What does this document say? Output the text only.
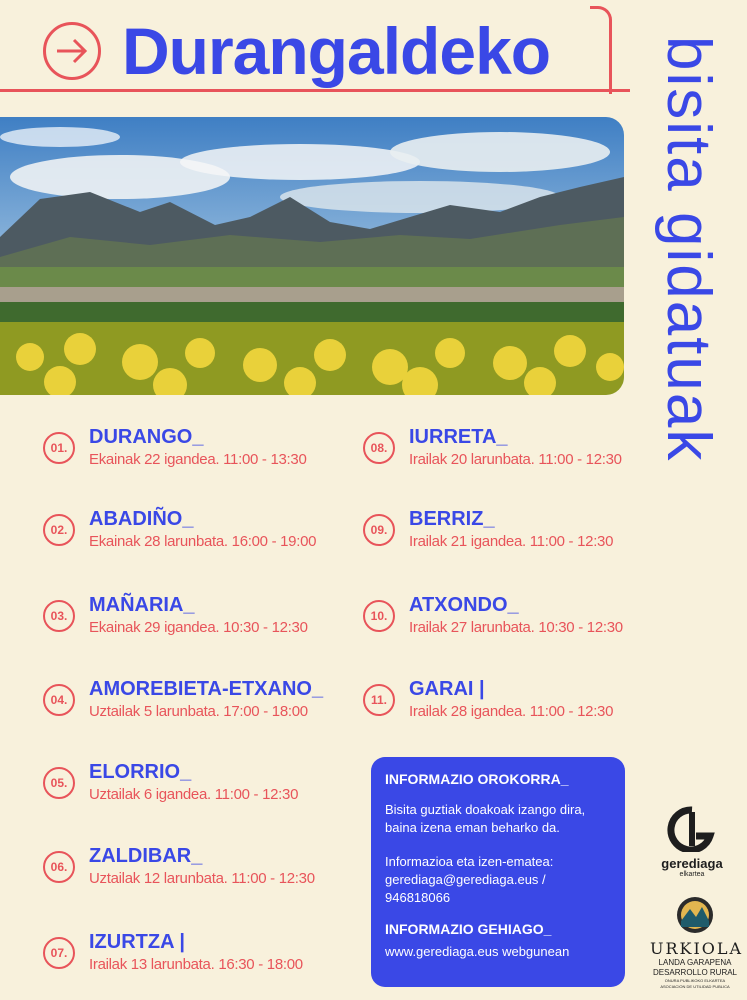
Durangaldeko bisita gidatuak
01.	DURANGO_
Ekainak 22 igandea. 11:00 - 13:30
02.	ABADIÑO_
Ekainak 28 larunbata. 16:00 - 19:00
03.	MAÑARIA_
Ekainak 29 igandea. 10:30 - 12:30
04.	AMOREBIETA-ETXANO_
Uztailak 5 larunbata. 17:00 - 18:00
05.	ELORRIO_
Uztailak 6 igandea. 11:00 - 12:30
06.	ZALDIBAR_
Uztailak 12 larunbata. 11:00 - 12:30
07.	IZURTZA |
Irailak 13 larunbata. 16:30 - 18:00
08.	IURRETA_
Irailak 20 larunbata. 11:00 - 12:30
09.	BERRIZ_
Irailak 21 igandea. 11:00 - 12:30
10.	ATXONDO_
Irailak 27 larunbata. 10:30 - 12:30
11.	GARAI |
Irailak 28 igandea. 11:00 - 12:30
INFORMAZIO OROKORRA_

Bisita guztiak doakoak izango dira,

baina izena eman beharko da.

Informazioa eta izen-ematea:

gerediaga@gerediaga.eus /

946818066

INFORMAZIO GEHIAGO_

www.gerediaga.eus webgunean

gerediaga
elkartea
URKIOLA
LANDA GARAPENA
DESARROLLO RURAL
ONURA PUBLIKOKO ELKARTEA
ASOCIACION DE UTILIDAD PUBLICA
